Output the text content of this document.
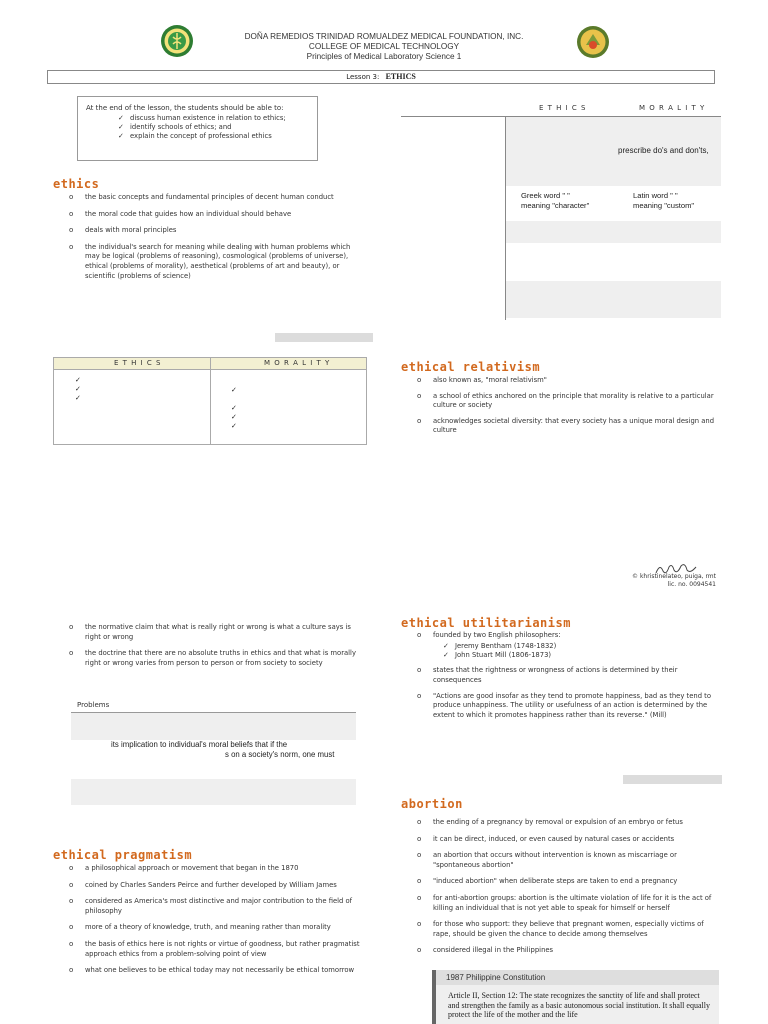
DOÑA REMEDIOS TRINIDAD ROMUALDEZ MEDICAL FOUNDATION, INC.
COLLEGE OF MEDICAL TECHNOLOGY
Principles of Medical Laboratory Science 1
Lesson 3: ETHICS
At the end of the lesson, the students should be able to:
✓ discuss human existence in relation to ethics;
✓ identify schools of ethics; and
✓ explain the concept of professional ethics
ethics
o the basic concepts and fundamental principles of decent human conduct
o the moral code that guides how an individual should behave
o deals with moral principles
o the individual's search for meaning while dealing with human problems which may be logical (problems of reasoning), cosmological (problems of universe), ethical (problems of morality), aesthetical (problems of art and beauty), or scientific (problems of science)
E T H I C S	M O R A L I T Y
prescribe do's and don'ts,
Greek word " "
meaning "character"
Latin word " "
meaning "custom"
E T H I C S	M O R A L I T Y
✓
✓
✓
✓
✓
✓
✓
ethical relativism
o also known as, "moral relativism"
o a school of ethics anchored on the principle that morality is relative to a particular culture or society
o acknowledges societal diversity: that every society has a unique moral design and culture
© khristinelateo, puiga, rmt
lic. no. 0094541
o the normative claim that what is really right or wrong is what a culture says is right or wrong
o the doctrine that there are no absolute truths in ethics and that what is morally right or wrong varies from person to person or from society to society
Problems
its implication to individual's moral beliefs that if the
s on a society's norm, one must
ethical utilitarianism
o founded by two English philosophers:
✓ Jeremy Bentham (1748-1832)
✓ John Stuart Mill (1806-1873)
o states that the rightness or wrongness of actions is determined by their consequences
o "Actions are good insofar as they tend to promote happiness, bad as they tend to produce unhappiness. The utility or usefulness of an action is determined by the extent to which it promotes happiness rather than its reverse." (Mill)
abortion
o the ending of a pregnancy by removal or expulsion of an embryo or fetus
o it can be direct, induced, or even caused by natural cases or accidents
o an abortion that occurs without intervention is known as miscarriage or "spontaneous abortion"
o "induced abortion" when deliberate steps are taken to end a pregnancy
o for anti-abortion groups: abortion is the ultimate violation of life for it is the act of killing an individual that is not yet able to speak for himself or herself
o for those who support: they believe that pregnant women, especially victims of rape, should be given the chance to decide among themselves
o considered illegal in the Philippines
1987 Philippine Constitution
Article II, Section 12: The state recognizes the sanctity of life and shall protect and strengthen the family as a basic autonomous social institution. It shall equally protect the life of the mother and the life
ethical pragmatism
o a philosophical approach or movement that began in the 1870
o coined by Charles Sanders Peirce and further developed by William James
o considered as America's most distinctive and major contribution to the field of philosophy
o more of a theory of knowledge, truth, and meaning rather than morality
o the basis of ethics here is not rights or virtue of goodness, but rather pragmatist approach ethics from a problem-solving point of view
o what one believes to be ethical today may not necessarily be ethical tomorrow
